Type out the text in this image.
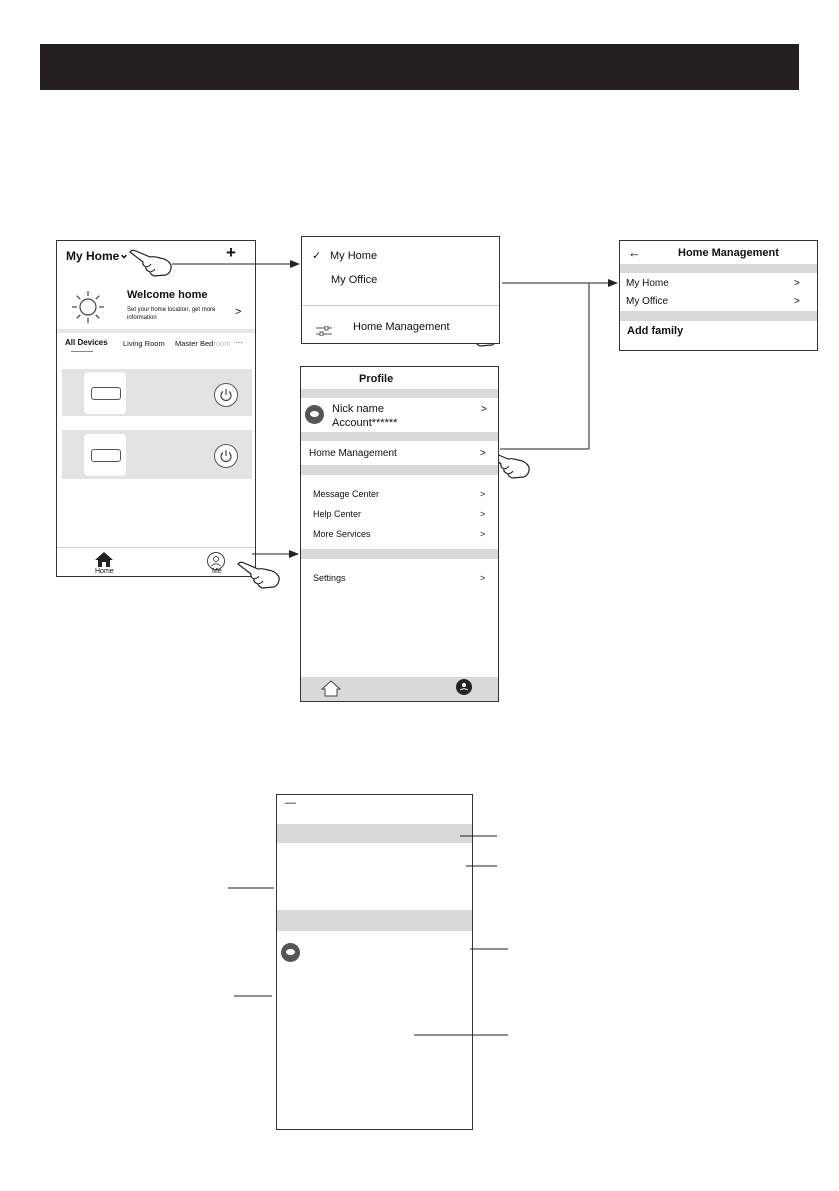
My Home ⌄	+
Welcome home
Set your home location, get more
information	>
All Devices Living Room Master Bedroom ···
Home	Me
✓ My Home
My Office
Home Management
←	Home Management
My Home	>
My Office	>
Add family
Profile
Nick name
Account******
>
Home Management	>
Message Center	>
Help Center	>
More Services	>
Settings	>
—
